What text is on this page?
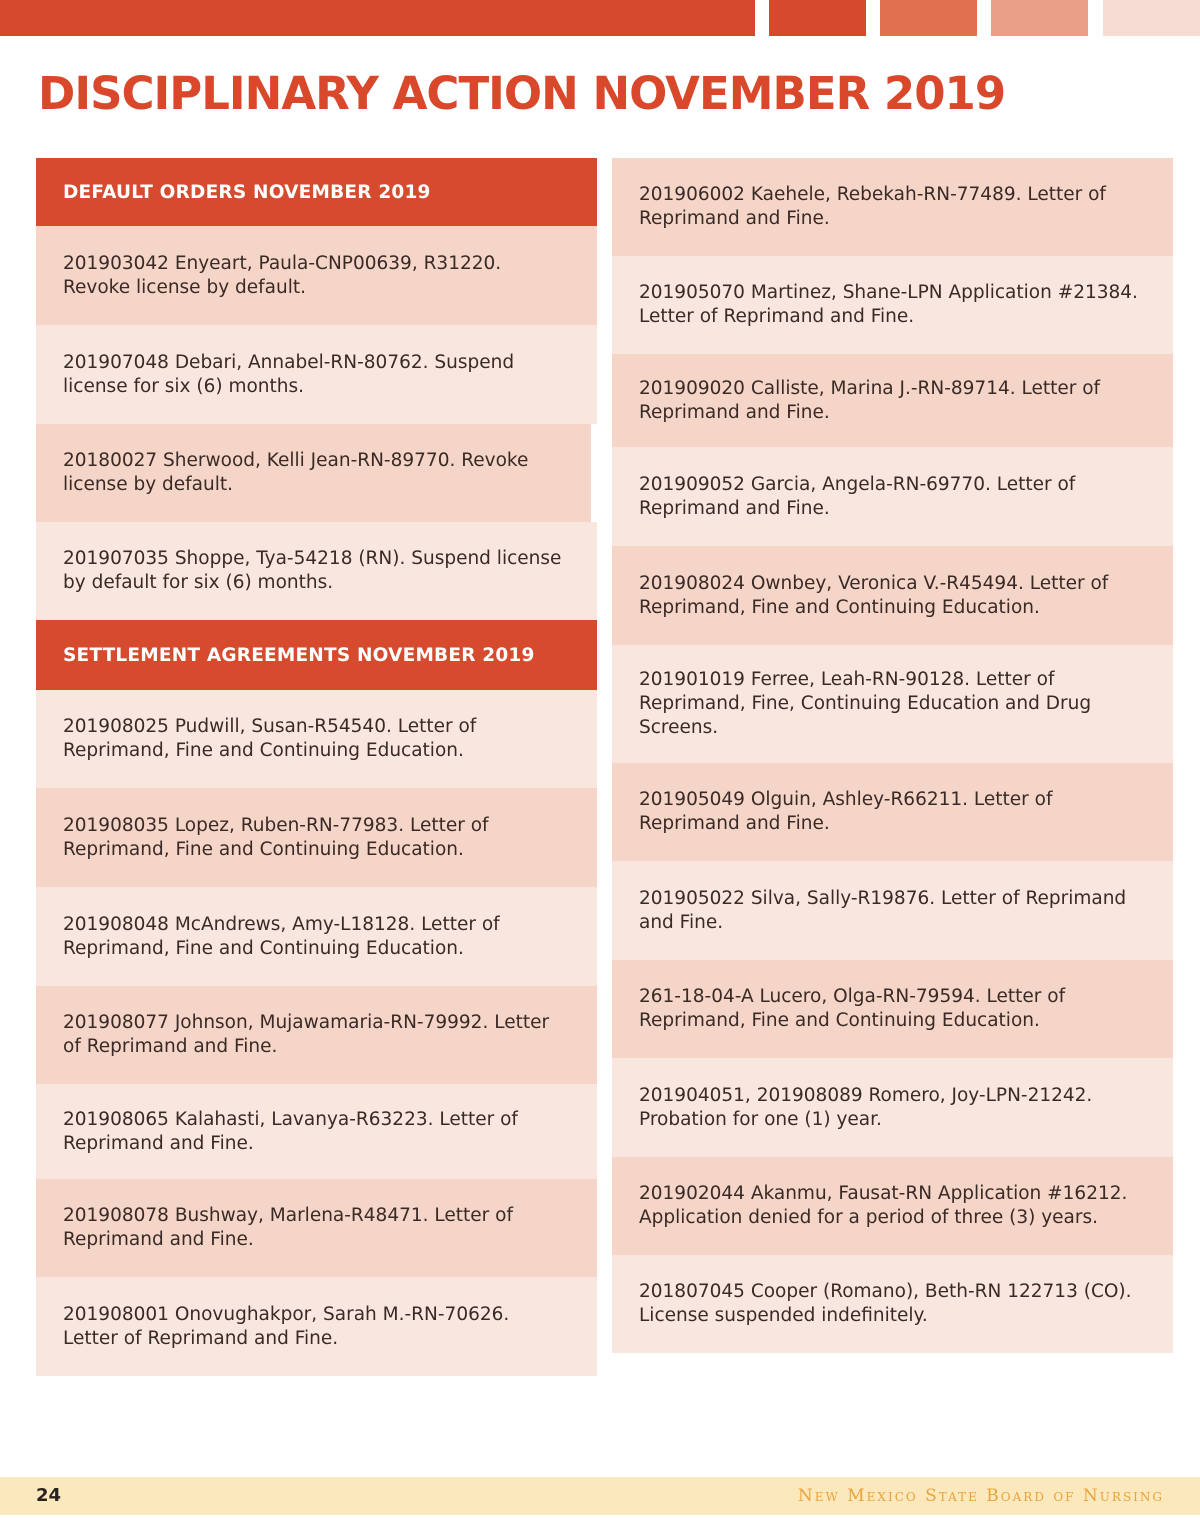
DISCIPLINARY ACTION NOVEMBER 2019
DEFAULT ORDERS NOVEMBER 2019
201903042 Enyeart, Paula-CNP00639, R31220. Revoke license by default.
201907048 Debari, Annabel-RN-80762. Suspend license for six (6) months.
20180027 Sherwood, Kelli Jean-RN-89770. Revoke license by default.
201907035 Shoppe, Tya-54218 (RN). Suspend license by default for six (6) months.
SETTLEMENT AGREEMENTS NOVEMBER 2019
201908025 Pudwill, Susan-R54540. Letter of Reprimand, Fine and Continuing Education.
201908035 Lopez, Ruben-RN-77983. Letter of Reprimand, Fine and Continuing Education.
201908048 McAndrews, Amy-L18128. Letter of Reprimand, Fine and Continuing Education.
201908077 Johnson, Mujawamaria-RN-79992. Letter of Reprimand and Fine.
201908065 Kalahasti, Lavanya-R63223. Letter of Reprimand and Fine.
201908078 Bushway, Marlena-R48471. Letter of Reprimand and Fine.
201908001 Onovughakpor, Sarah M.-RN-70626. Letter of Reprimand and Fine.
201906002 Kaehele, Rebekah-RN-77489. Letter of Reprimand and Fine.
201905070 Martinez, Shane-LPN Application #21384. Letter of Reprimand and Fine.
201909020 Calliste, Marina J.-RN-89714. Letter of Reprimand and Fine.
201909052 Garcia, Angela-RN-69770. Letter of Reprimand and Fine.
201908024 Ownbey, Veronica V.-R45494. Letter of Reprimand, Fine and Continuing Education.
201901019 Ferree, Leah-RN-90128. Letter of Reprimand, Fine, Continuing Education and Drug Screens.
201905049 Olguin, Ashley-R66211. Letter of Reprimand and Fine.
201905022 Silva, Sally-R19876. Letter of Reprimand and Fine.
261-18-04-A Lucero, Olga-RN-79594. Letter of Reprimand, Fine and Continuing Education.
201904051, 201908089 Romero, Joy-LPN-21242. Probation for one (1) year.
201902044 Akanmu, Fausat-RN Application #16212. Application denied for a period of three (3) years.
201807045 Cooper (Romano), Beth-RN 122713 (CO). License suspended indefinitely.
24	New Mexico State Board of Nursing
